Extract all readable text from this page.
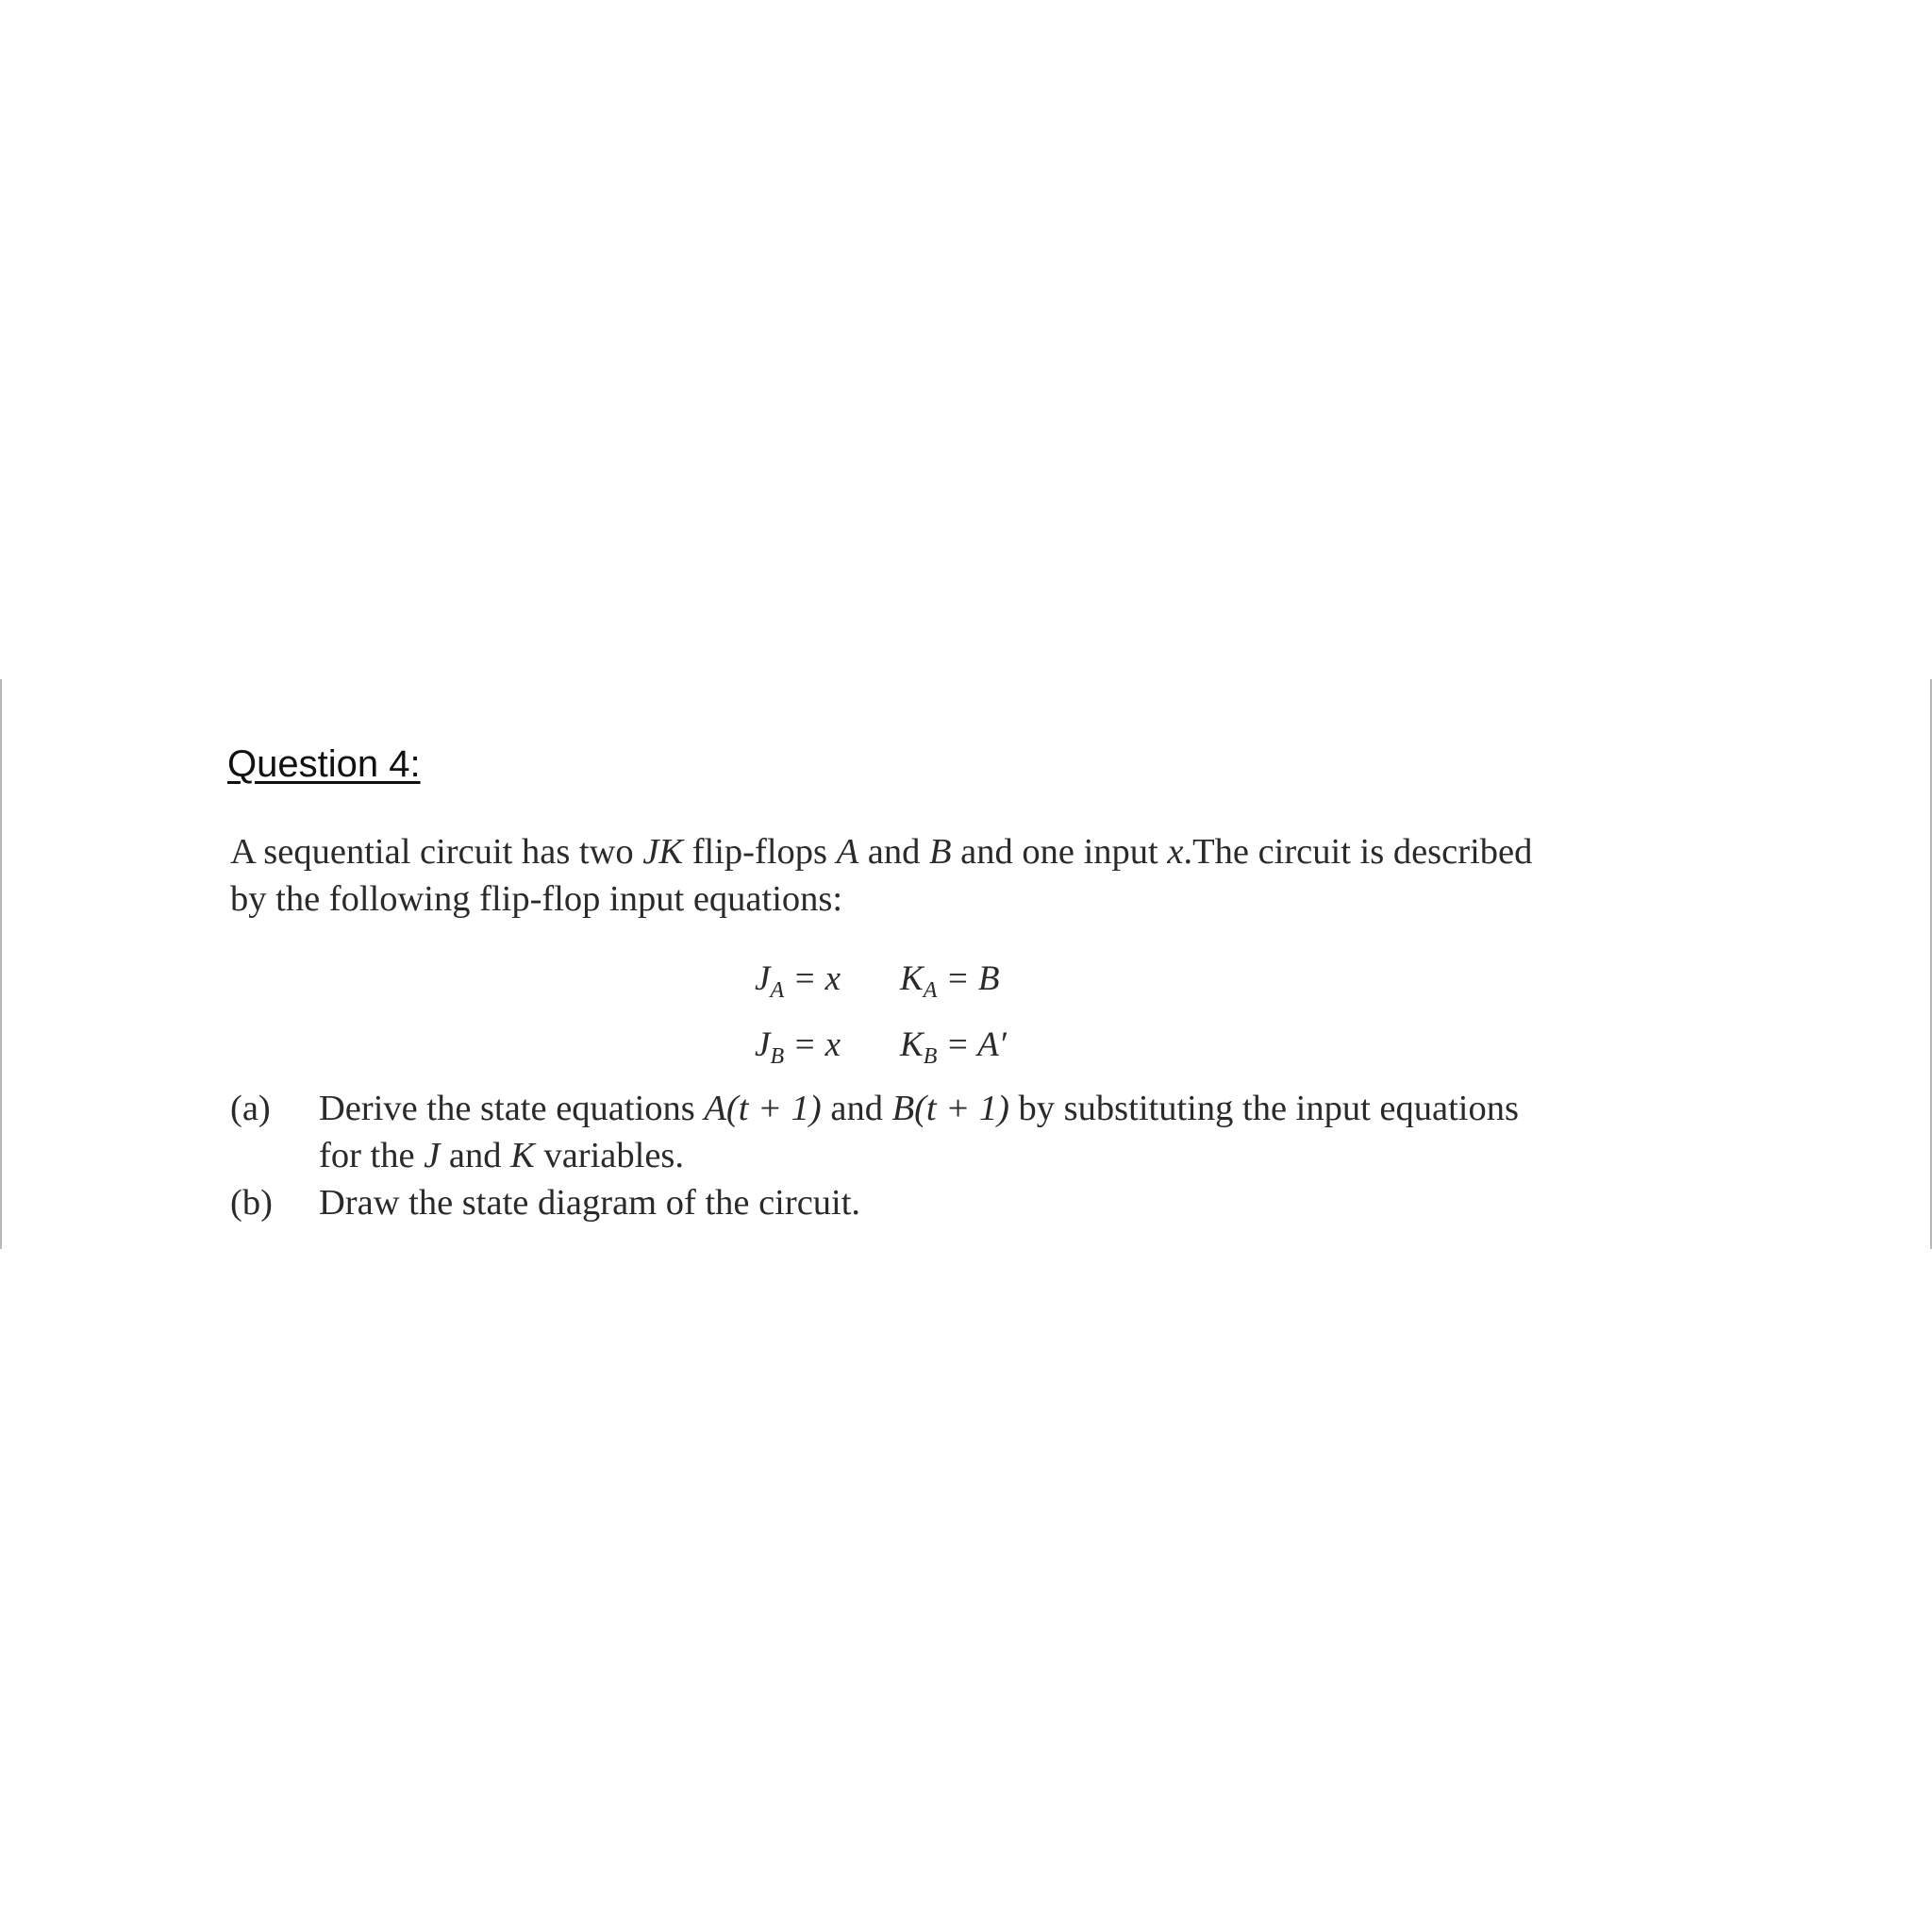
Question 4:

A sequential circuit has two JK flip-flops A and B and one input x.The circuit is described
by the following flip-flop input equations:

$J_A = x$ $K_A = B$
$J_B = x$ $K_B = A'$
(a) Derive the state equations A(t + 1) and B(t + 1) by substituting the input equations
for the J and K variables.
(b) Draw the state diagram of the circuit.
